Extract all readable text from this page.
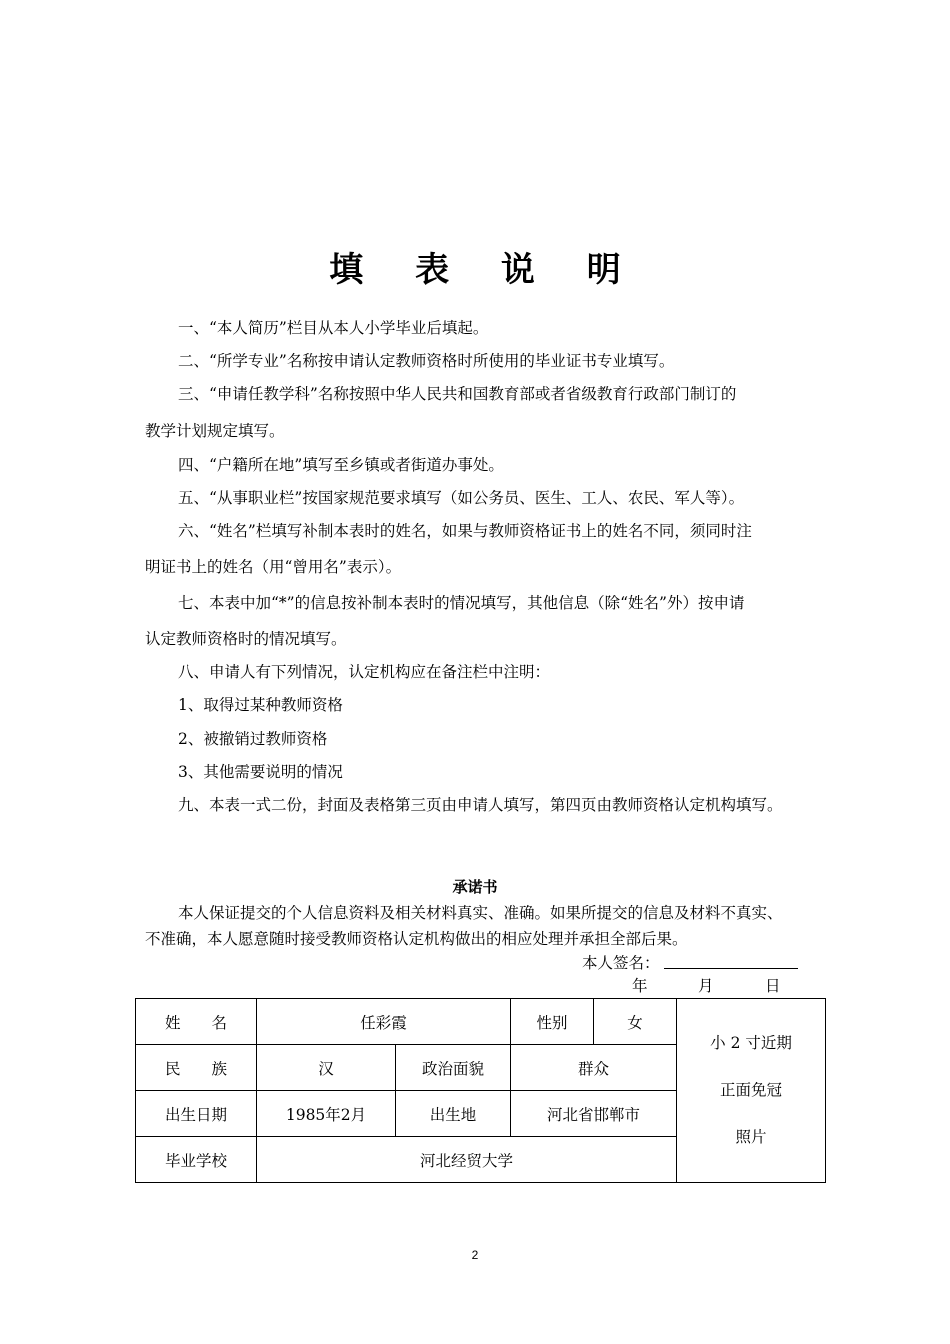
填 表 说 明
一、“本人简历”栏目从本人小学毕业后填起。
二、“所学专业”名称按申请认定教师资格时所使用的毕业证书专业填写。
三、“申请任教学科”名称按照中华人民共和国教育部或者省级教育行政部门制订的
教学计划规定填写。
四、“户籍所在地”填写至乡镇或者街道办事处。
五、“从事职业栏”按国家规范要求填写（如公务员、医生、工人、农民、军人等）。
六、“姓名”栏填写补制本表时的姓名，如果与教师资格证书上的姓名不同，须同时注
明证书上的姓名（用“曾用名”表示）。
七、本表中加“*”的信息按补制本表时的情况填写，其他信息（除“姓名”外）按申请
认定教师资格时的情况填写。
八、申请人有下列情况，认定机构应在备注栏中注明：
1、取得过某种教师资格
2、被撤销过教师资格
3、其他需要说明的情况
九、本表一式二份，封面及表格第三页由申请人填写，第四页由教师资格认定机构填写。
承诺书
本人保证提交的个人信息资料及相关材料真实、准确。如果所提交的信息及材料不真实、
不准确，本人愿意随时接受教师资格认定机构做出的相应处理并承担全部后果。
本人签名：
年	月	日
姓　　名	任彩霞		性别	女	小 2 寸近期
正面免冠
照片

民　　族	汉	政治面貌	群众		
出生日期	1985年2月	出生地	河北省邯郸市		
毕业学校	河北经贸大学				
2
